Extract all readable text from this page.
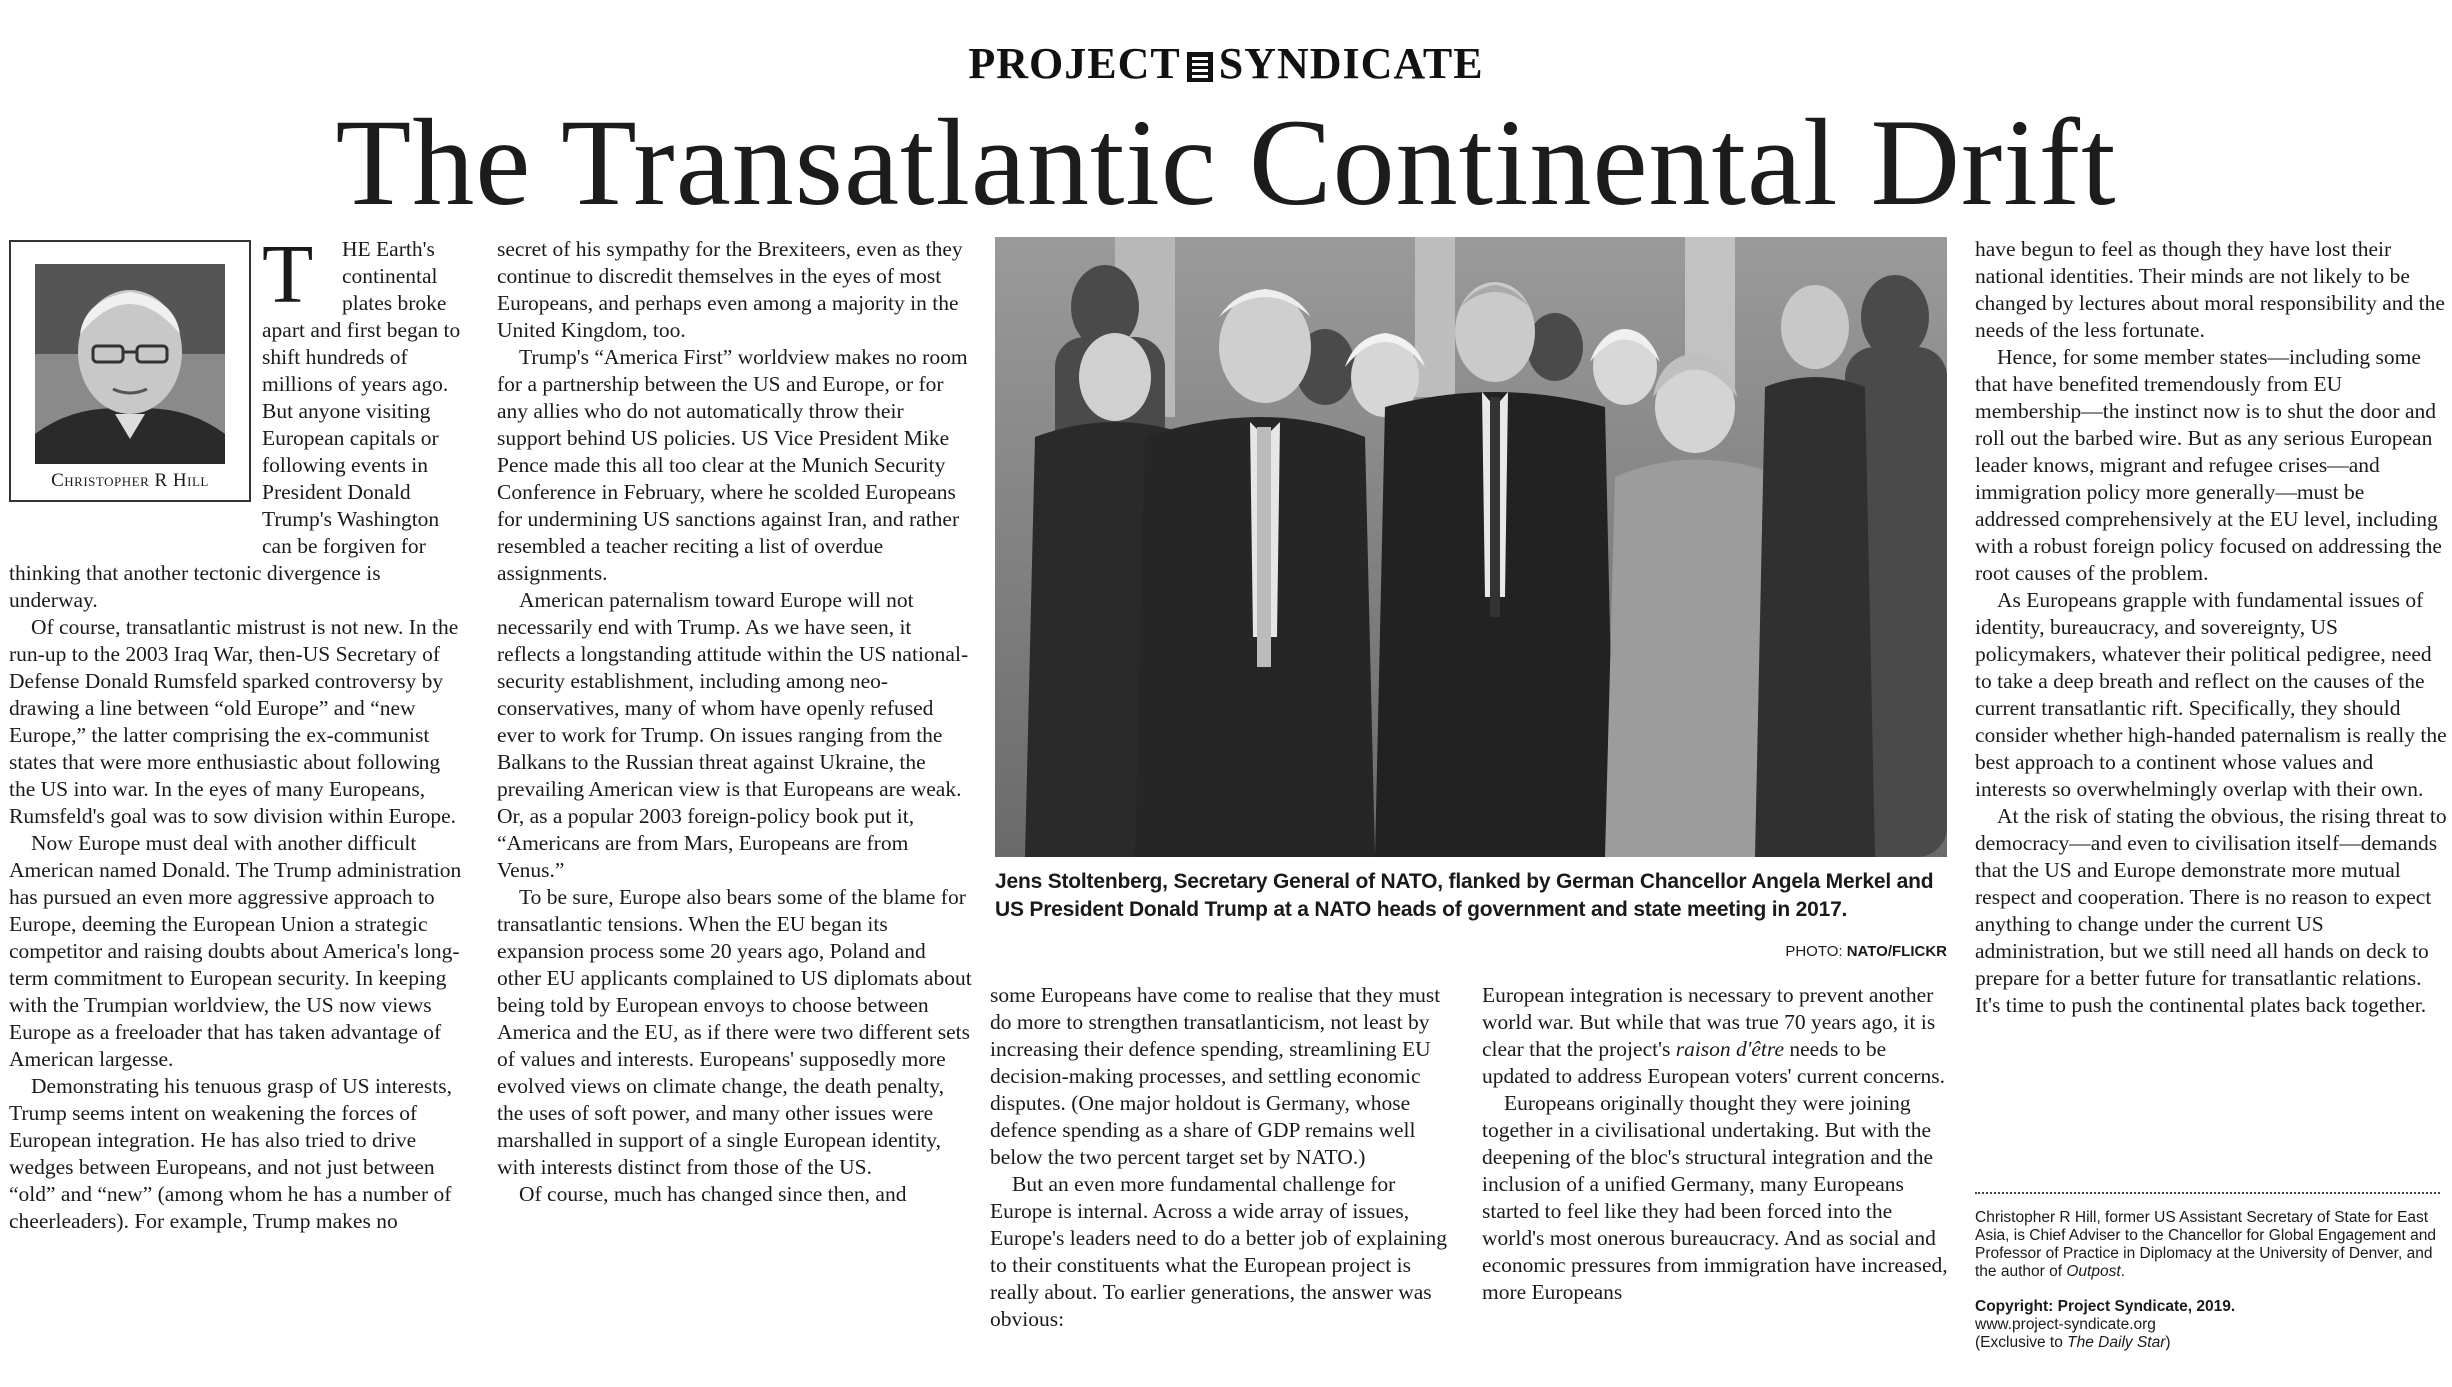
PROJECT SYNDICATE
The Transatlantic Continental Drift
Christopher R Hill

T	HE Earth's continental plates broke apart and first began to shift hundreds of millions of years ago. But anyone visiting European capitals or following events in President Donald Trump's Washington can be forgiven for thinking that another tectonic divergence is underway.

Of course, transatlantic mistrust is not new. In the run-up to the 2003 Iraq War, then-US Secretary of Defense Donald Rumsfeld sparked controversy by drawing a line between “old Europe” and “new Europe,” the latter comprising the ex-communist states that were more enthusiastic about following the US into war. In the eyes of many Europeans, Rumsfeld's goal was to sow division within Europe.

Now Europe must deal with another difficult American named Donald. The Trump administration has pursued an even more aggressive approach to Europe, deeming the European Union a strategic competitor and raising doubts about America's long-term commitment to European security. In keeping with the Trumpian worldview, the US now views Europe as a freeloader that has taken advantage of American largesse.

Demonstrating his tenuous grasp of US interests, Trump seems intent on weakening the forces of European integration. He has also tried to drive wedges between Europeans, and not just between “old” and “new” (among whom he has a number of cheerleaders). For example, Trump makes no

secret of his sympathy for the Brexiteers, even as they continue to discredit themselves in the eyes of most Europeans, and perhaps even among a majority in the United Kingdom, too.

Trump's “America First” worldview makes no room for a partnership between the US and Europe, or for any allies who do not automatically throw their support behind US policies. US Vice President Mike Pence made this all too clear at the Munich Security Conference in February, where he scolded Europeans for undermining US sanctions against Iran, and rather resembled a teacher reciting a list of overdue assignments.

American paternalism toward Europe will not necessarily end with Trump. As we have seen, it reflects a longstanding attitude within the US national-security establishment, including among neo-conservatives, many of whom have openly refused ever to work for Trump. On issues ranging from the Balkans to the Russian threat against Ukraine, the prevailing American view is that Europeans are weak. Or, as a popular 2003 foreign-policy book put it, “Americans are from Mars, Europeans are from Venus.”

To be sure, Europe also bears some of the blame for transatlantic tensions. When the EU began its expansion process some 20 years ago, Poland and other EU applicants complained to US diplomats about being told by European envoys to choose between America and the EU, as if there were two different sets of values and interests. Europeans' supposedly more evolved views on climate change, the death penalty, the uses of soft power, and many other issues were marshalled in support of a single European identity, with interests distinct from those of the US.

Of course, much has changed since then, and

Jens Stoltenberg, Secretary General of NATO, flanked by German Chancellor Angela Merkel and US President Donald Trump at a NATO heads of government and state meeting in 2017.
PHOTO: NATO/FLICKR

some Europeans have come to realise that they must do more to strengthen transatlanticism, not least by increasing their defence spending, streamlining EU decision-making processes, and settling economic disputes. (One major holdout is Germany, whose defence spending as a share of GDP remains well below the two percent target set by NATO.)

But an even more fundamental challenge for Europe is internal. Across a wide array of issues, Europe's leaders need to do a better job of explaining to their constituents what the European project is really about. To earlier generations, the answer was obvious:

European integration is necessary to prevent another world war. But while that was true 70 years ago, it is clear that the project's raison d'être needs to be updated to address European voters' current concerns.

Europeans originally thought they were joining together in a civilisational undertaking. But with the deepening of the bloc's structural integration and the inclusion of a unified Germany, many Europeans started to feel like they had been forced into the world's most onerous bureaucracy. And as social and economic pressures from immigration have increased, more Europeans

have begun to feel as though they have lost their national identities. Their minds are not likely to be changed by lectures about moral responsibility and the needs of the less fortunate.

Hence, for some member states—including some that have benefited tremendously from EU membership—the instinct now is to shut the door and roll out the barbed wire. But as any serious European leader knows, migrant and refugee crises—and immigration policy more generally—must be addressed comprehensively at the EU level, including with a robust foreign policy focused on addressing the root causes of the problem.

As Europeans grapple with fundamental issues of identity, bureaucracy, and sovereignty, US policymakers, whatever their political pedigree, need to take a deep breath and reflect on the causes of the current transatlantic rift. Specifically, they should consider whether high-handed paternalism is really the best approach to a continent whose values and interests so overwhelmingly overlap with their own.

At the risk of stating the obvious, the rising threat to democracy—and even to civilisation itself—demands that the US and Europe demonstrate more mutual respect and cooperation. There is no reason to expect anything to change under the current US administration, but we still need all hands on deck to prepare for a better future for transatlantic relations. It's time to push the continental plates back together.

Christopher R Hill, former US Assistant Secretary of State for East Asia, is Chief Adviser to the Chancellor for Global Engagement and Professor of Practice in Diplomacy at the University of Denver, and the author of Outpost.
Copyright: Project Syndicate, 2019.
www.project-syndicate.org
(Exclusive to The Daily Star)
